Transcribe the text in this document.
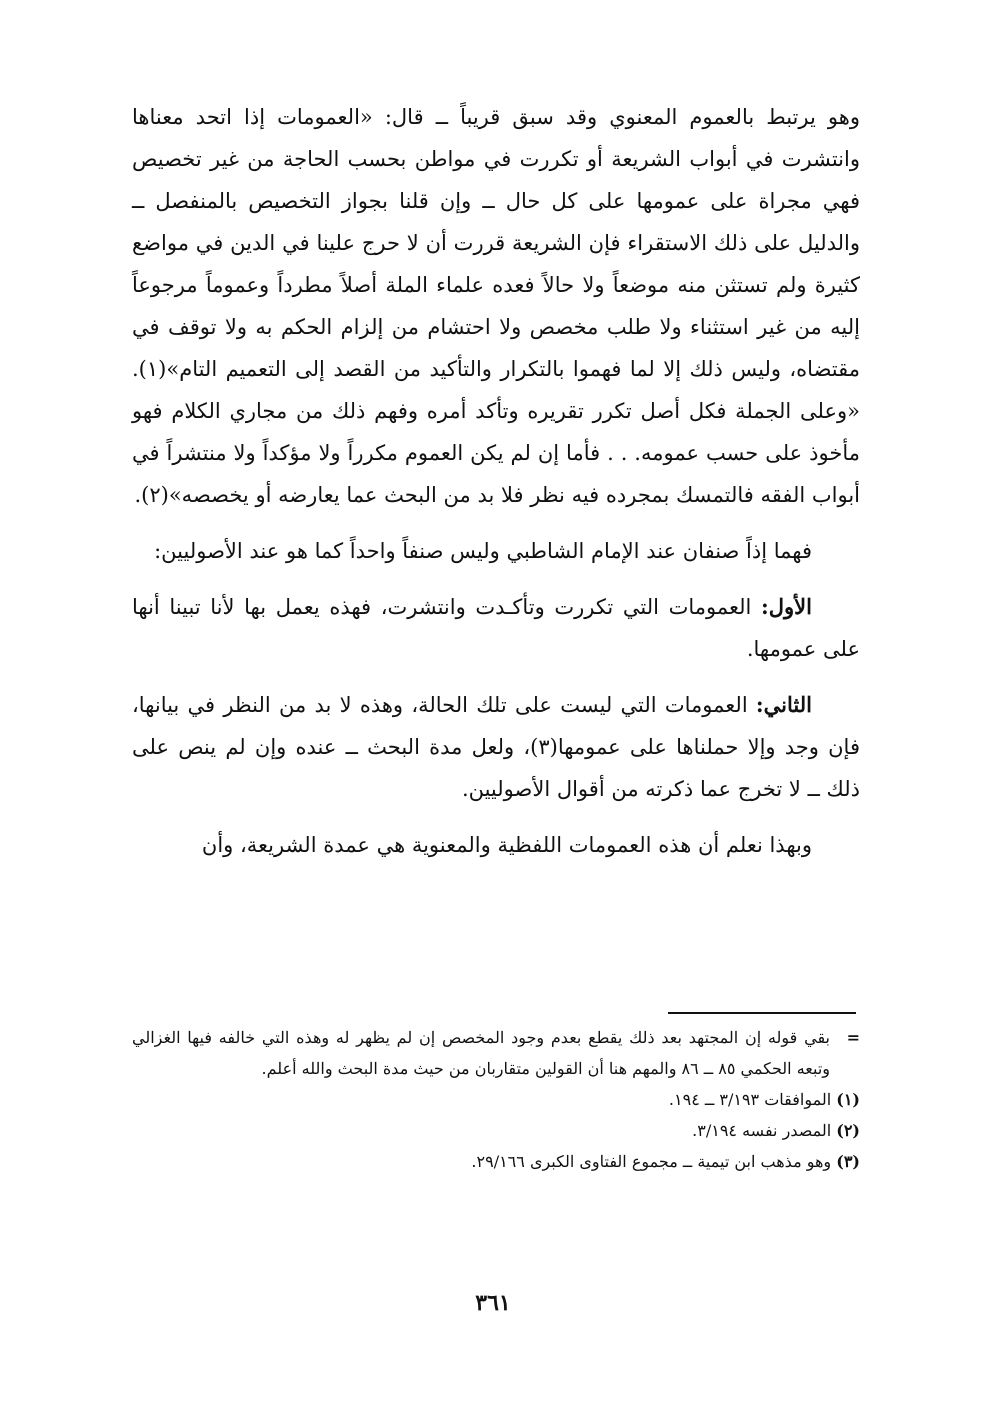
وهو يرتبط بالعموم المعنوي وقد سبق قريباً ــ قال: «العمومات إذا اتحد معناها وانتشرت في أبواب الشريعة أو تكررت في مواطن بحسب الحاجة من غير تخصيص فهي مجراة على عمومها على كل حال ــ وإن قلنا بجواز التخصيص بالمنفصل ــ والدليل على ذلك الاستقراء فإن الشريعة قررت أن لا حرج علينا في الدين في مواضع كثيرة ولم تستثن منه موضعاً ولا حالاً فعده علماء الملة أصلاً مطرداً وعموماً مرجوعاً إليه من غير استثناء ولا طلب مخصص ولا احتشام من إلزام الحكم به ولا توقف في مقتضاه، وليس ذلك إلا لما فهموا بالتكرار والتأكيد من القصد إلى التعميم التام»(١). «وعلى الجملة فكل أصل تكرر تقريره وتأكد أمره وفهم ذلك من مجاري الكلام فهو مأخوذ على حسب عمومه. . . فأما إن لم يكن العموم مكرراً ولا مؤكداً ولا منتشراً في أبواب الفقه فالتمسك بمجرده فيه نظر فلا بد من البحث عما يعارضه أو يخصصه»(٢).

فهما إذاً صنفان عند الإمام الشاطبي وليس صنفاً واحداً كما هو عند الأصوليين:

الأول: العمومات التي تكررت وتأكـدت وانتشرت، فهذه يعمل بها لأنا تبينا أنها على عمومها.

الثاني: العمومات التي ليست على تلك الحالة، وهذه لا بد من النظر في بيانها، فإن وجد وإلا حملناها على عمومها(٣)، ولعل مدة البحث ــ عنده وإن لم ينص على ذلك ــ لا تخرج عما ذكرته من أقوال الأصوليين.

وبهذا نعلم أن هذه العمومات اللفظية والمعنوية هي عمدة الشريعة، وأن

=
بقي قوله إن المجتهد بعد ذلك يقطع بعدم وجود المخصص إن لم يظهر له وهذه التي خالفه فيها الغزالي وتبعه الحكمي ٨٥ ــ ٨٦ والمهم هنا أن القولين متقاربان من حيث مدة البحث والله أعلم.

(١) الموافقات ٣/١٩٣ ــ ١٩٤.

(٢) المصدر نفسه ٣/١٩٤.

(٣) وهو مذهب ابن تيمية ــ مجموع الفتاوى الكبرى ٢٩/١٦٦.

٣٦١
